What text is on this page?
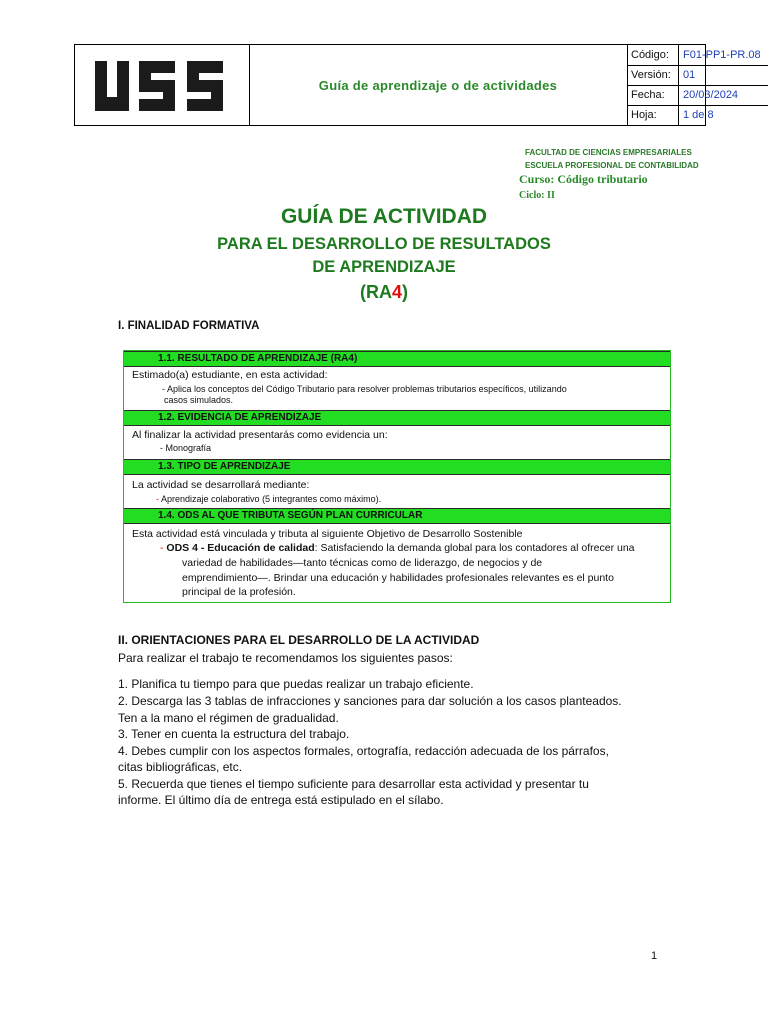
Guía de aprendizaje o de actividades
Código:	F01-PP1-PR.08
Versión:	01
Fecha:	20/03/2024
Hoja:	1 de 8
FACULTAD DE CIENCIAS EMPRESARIALES
ESCUELA PROFESIONAL DE CONTABILIDAD
Curso: Código tributario
Ciclo: II
GUÍA DE ACTIVIDAD
PARA EL DESARROLLO DE RESULTADOS
DE APRENDIZAJE
(RA4)
I. FINALIDAD FORMATIVA
1.1. RESULTADO DE APRENDIZAJE (RA4)
Estimado(a) estudiante, en esta actividad:
- Aplica los conceptos del Código Tributario para resolver problemas tributarios específicos, utilizando
casos simulados.
1.2. EVIDENCIA DE APRENDIZAJE
Al finalizar la actividad presentarás como evidencia un:
- Monografía
1.3. TIPO DE APRENDIZAJE
La actividad se desarrollará mediante:
- Aprendizaje colaborativo (5 integrantes como máximo).
1.4. ODS AL QUE TRIBUTA SEGÚN PLAN CURRICULAR
Esta actividad está vinculada y tributa al siguiente Objetivo de Desarrollo Sostenible
- ODS 4 - Educación de calidad: Satisfaciendo la demanda global para los contadores al ofrecer una
variedad de habilidades—tanto técnicas como de liderazgo, de negocios y de
emprendimiento—. Brindar una educación y habilidades profesionales relevantes es el punto
principal de la profesión.
II. ORIENTACIONES PARA EL DESARROLLO DE LA ACTIVIDAD
Para realizar el trabajo te recomendamos los siguientes pasos:
1. Planifica tu tiempo para que puedas realizar un trabajo eficiente.
2. Descarga las 3 tablas de infracciones y sanciones para dar solución a los casos planteados.
Ten a la mano el régimen de gradualidad.
3. Tener en cuenta la estructura del trabajo.
4. Debes cumplir con los aspectos formales, ortografía, redacción adecuada de los párrafos,
citas bibliográficas, etc.
5. Recuerda que tienes el tiempo suficiente para desarrollar esta actividad y presentar tu
informe. El último día de entrega está estipulado en el sílabo.
1
